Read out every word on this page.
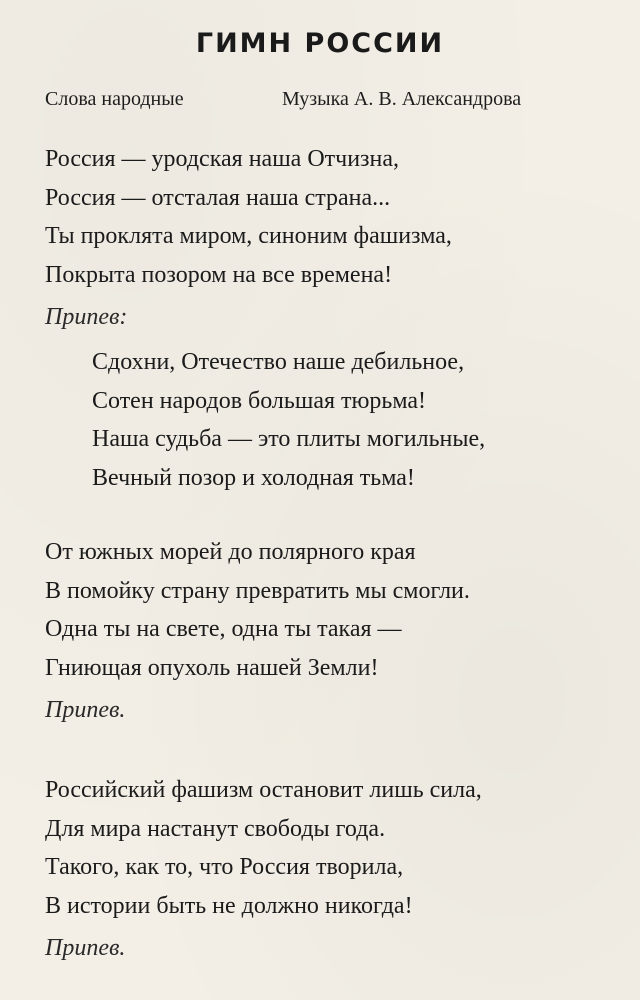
ГИМН РОССИИ
Слова народные	Музыка А. В. Александрова
Россия — уродская наша Отчизна,
Россия — отсталая наша страна...
Ты проклята миром, синоним фашизма,
Покрыта позором на все времена!
Припев:
Сдохни, Отечество наше дебильное,
Сотен народов большая тюрьма!
Наша судьба — это плиты могильные,
Вечный позор и холодная тьма!
От южных морей до полярного края
В помойку страну превратить мы смогли.
Одна ты на свете, одна ты такая —
Гниющая опухоль нашей Земли!
Припев.
Российский фашизм остановит лишь сила,
Для мира настанут свободы года.
Такого, как то, что Россия творила,
В истории быть не должно никогда!
Припев.
